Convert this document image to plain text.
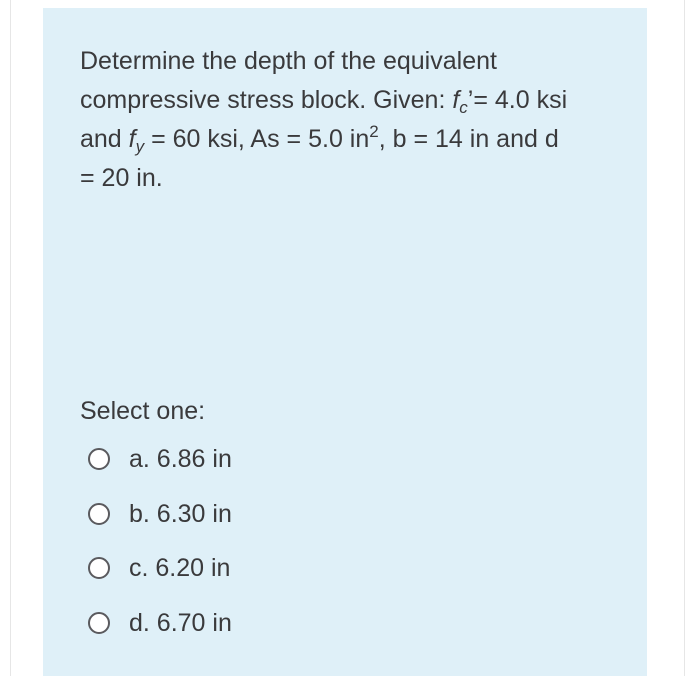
Determine the depth of the equivalent
compressive stress block. Given: $f_c’= 4.0$ ksi
and $f_y = 60$ ksi, As = 5.0 $in^2$, b = 14 in and d
= 20 in.
Select one:
a. 6.86 in
b. 6.30 in
c. 6.20 in
d. 6.70 in
